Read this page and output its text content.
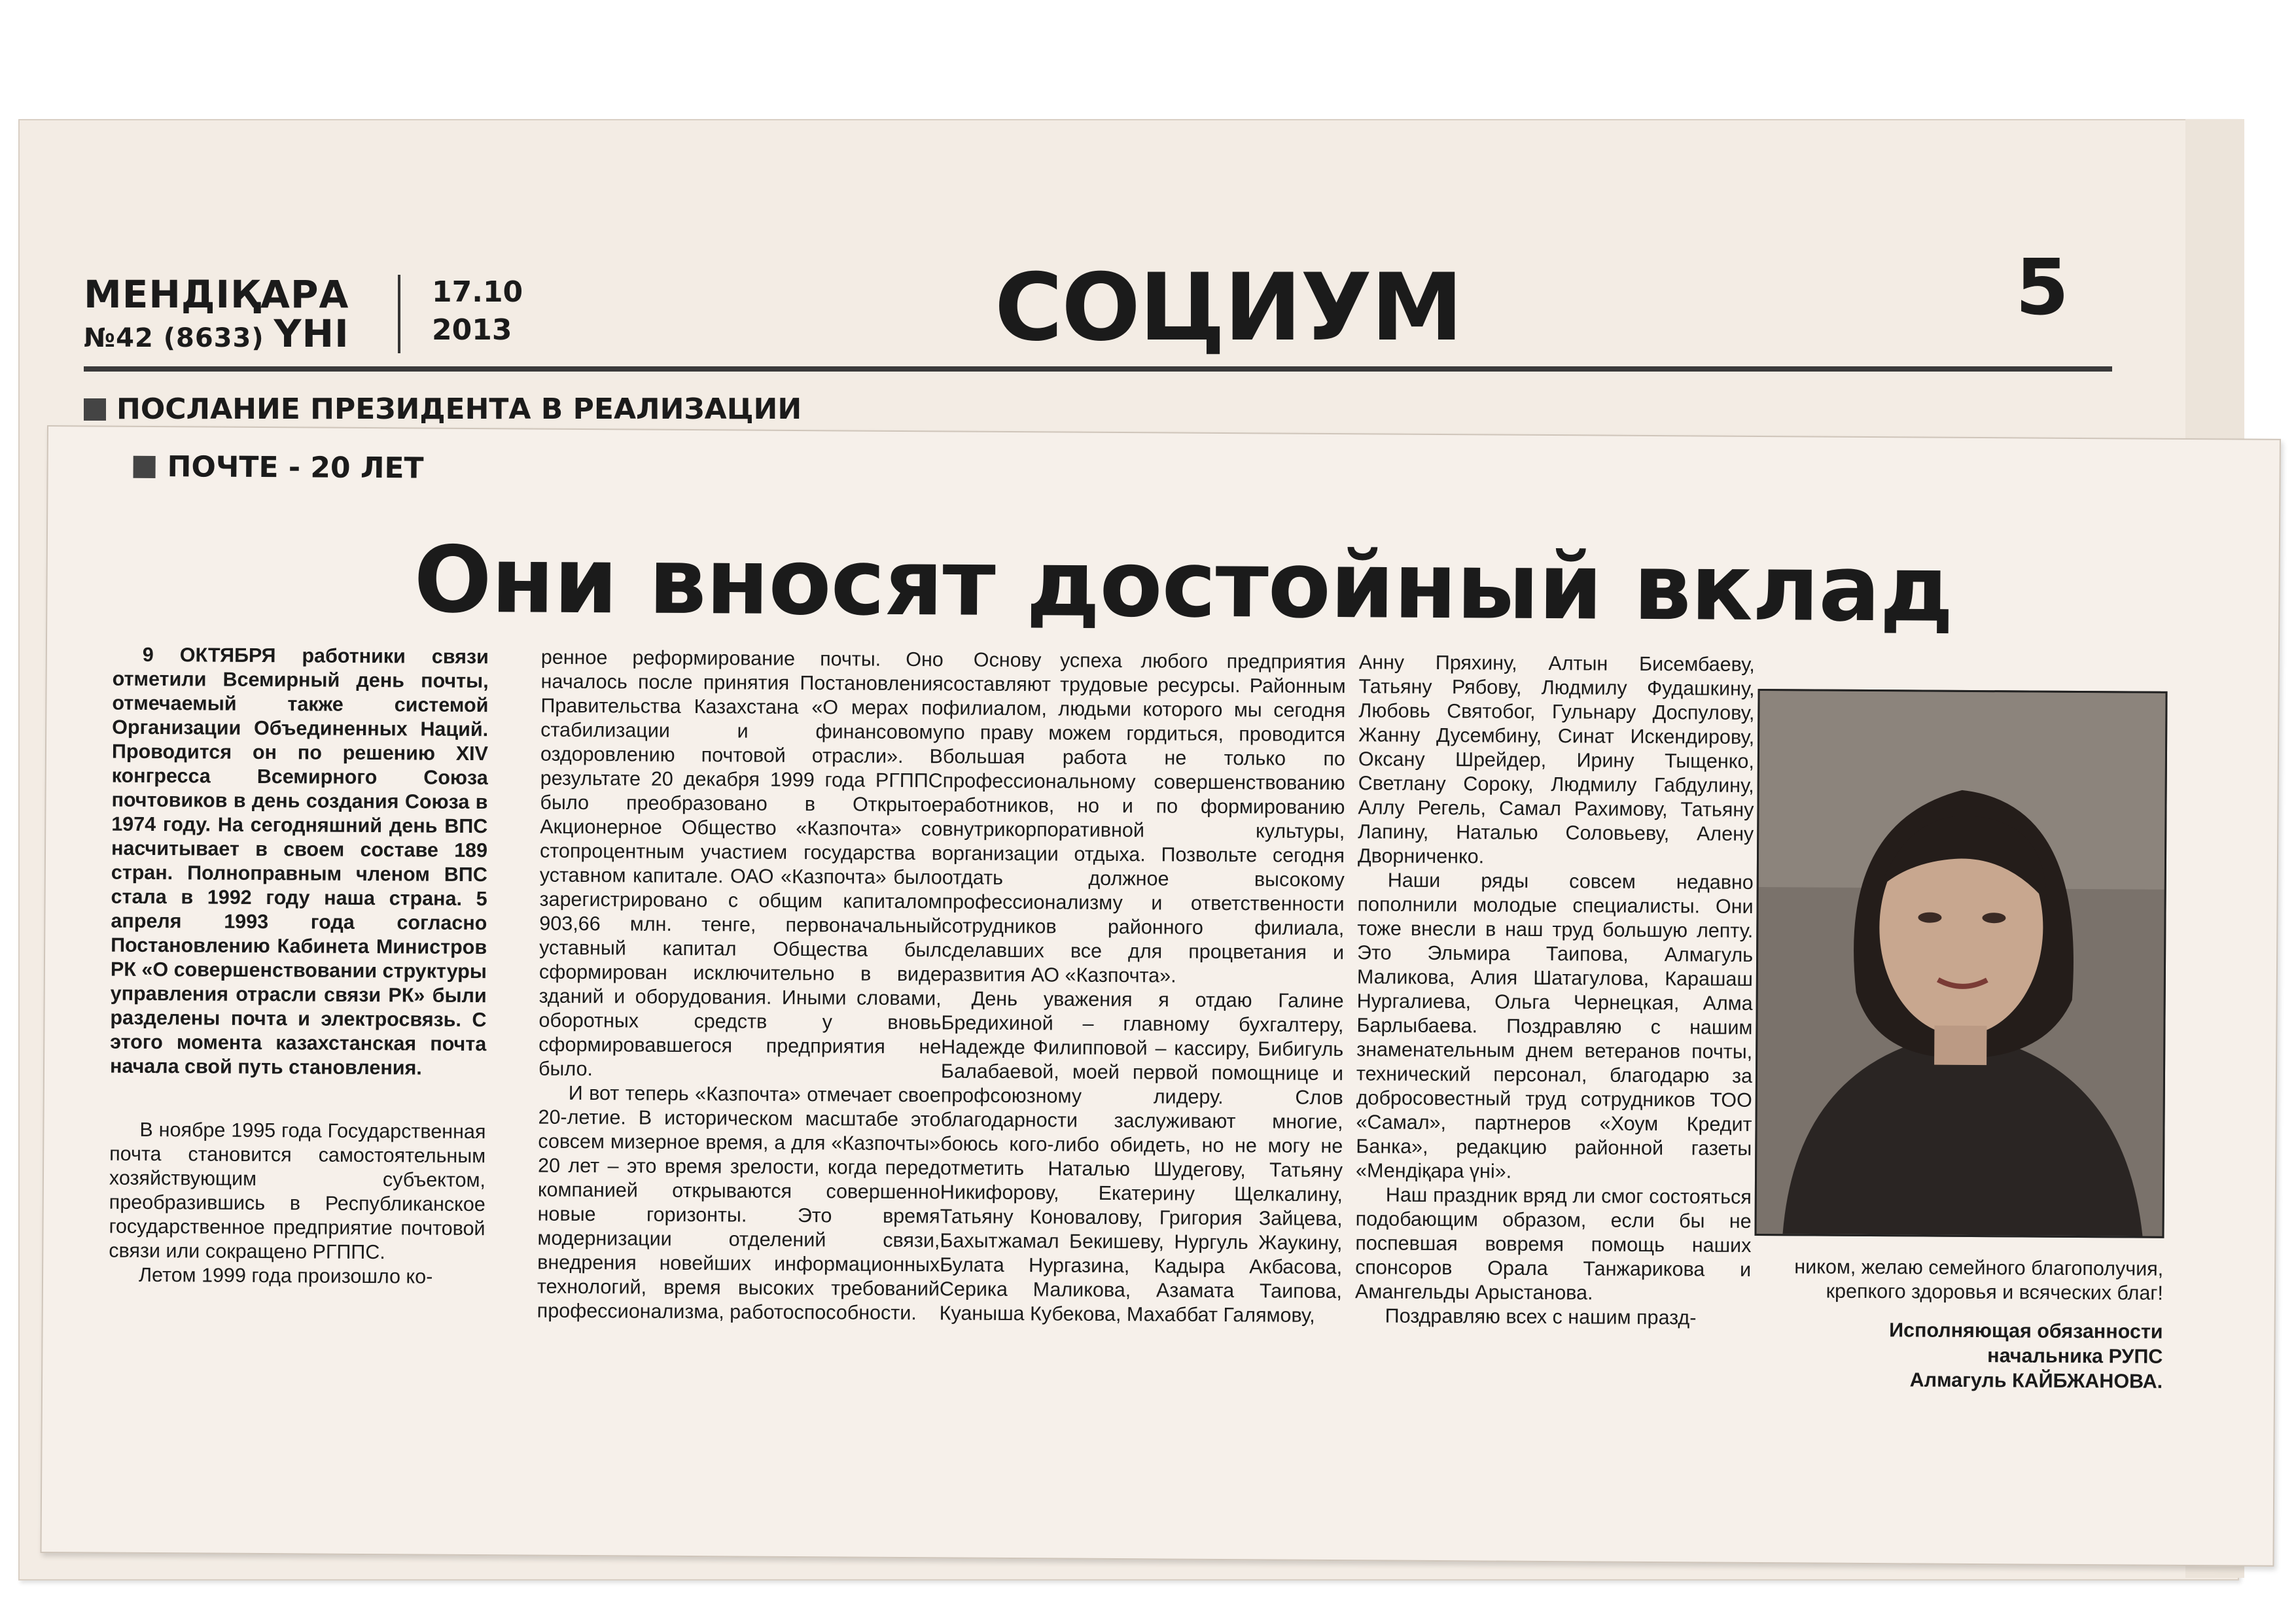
МЕНДІҚАРА
№42 (8633) ҮНІ
17.10
2013	СОЦИУМ	5
ПОСЛАНИЕ ПРЕЗИДЕНТА В РЕАЛИЗАЦИИ
ПОЧТЕ - 20 ЛЕТ
Они вносят достойный вклад

9 ОКТЯБРЯ работники связи отметили Всемирный день почты, отмечаемый также системой Организации Объединенных Наций. Проводится он по решению XIV конгресса Всемирного Союза почтовиков в день создания Союза в 1974 году. На сегодняшний день ВПС насчитывает в своем составе 189 стран. Полноправным членом ВПС стала в 1992 году наша страна. 5 апреля 1993 года согласно Постановлению Кабинета Министров РК «О совершенствовании структуры управления отрасли связи РК» были разделены почта и электросвязь. С этого момента казахстанская почта начала свой путь становления.

В ноябре 1995 года Государственная почта становится самостоятельным хозяйствующим субъектом, преобразившись в Республиканское государственное предприятие почтовой связи или сокращено РГППС.

Летом 1999 года произошло ко-

ренное реформирование почты. Оно началось после принятия Постановления Правительства Казахстана «О мерах по стабилизации и финансовому оздоровлению почтовой отрасли». В результате 20 декабря 1999 года РГППС было преобразовано в Открытое Акционерное Общество «Казпочта» со стопроцентным участием государства в уставном капитале. ОАО «Казпочта» было зарегистрировано с общим капиталом 903,66 млн. тенге, первоначальный уставный капитал Общества был сформирован исключительно в виде зданий и оборудования. Иными словами, оборотных средств у вновь сформировавшегося предприятия не было.

И вот теперь «Казпочта» отмечает свое 20-летие. В историческом масштабе это совсем мизерное время, а для «Казпочты» 20 лет – это время зрелости, когда перед компанией открываются совершенно новые горизонты. Это время модернизации отделений связи, внедрения новейших информационных технологий, время высоких требований профессионализма, работоспособности.

Основу успеха любого предприятия составляют трудовые ресурсы. Районным филиалом, людьми которого мы сегодня по праву можем гордиться, проводится большая работа не только по профессиональному совершенствованию работников, но и по формированию внутрикорпоративной культуры, организации отдыха. Позвольте сегодня отдать должное высокому профессионализму и ответственности сотрудников районного филиала, сделавших все для процветания и развития АО «Казпочта».

День уважения я отдаю Галине Бредихиной – главному бухгалтеру, Надежде Филипповой – кассиру, Бибигуль Балабаевой, моей первой помощнице и профсоюзному лидеру. Слов благодарности заслуживают многие, боюсь кого-либо обидеть, но не могу не отметить Наталью Шудегову, Татьяну Никифорову, Екатерину Щелкалину, Татьяну Коновалову, Григория Зайцева, Бахытжамал Бекишеву, Нургуль Жаукину, Булата Нургазина, Кадыра Акбасова, Серика Маликова, Азамата Таипова, Куаныша Кубекова, Махаббат Галямову,

Анну Пряхину, Алтын Бисембаеву, Татьяну Рябову, Людмилу Фудашкину, Любовь Святобог, Гульнару Доспулову, Жанну Дусембину, Синат Искендирову, Оксану Шрейдер, Ирину Тыщенко, Светлану Сороку, Людмилу Габдулину, Аллу Регель, Самал Рахимову, Татьяну Лапину, Наталью Соловьеву, Алену Дворниченко.

Наши ряды совсем недавно пополнили молодые специалисты. Они тоже внесли в наш труд большую лепту. Это Эльмира Таипова, Алмагуль Маликова, Алия Шатагулова, Карашаш Нургалиева, Ольга Чернецкая, Алма Барлыбаева. Поздравляю с нашим знаменательным днем ветеранов почты, технический персонал, благодарю за добросовестный труд сотрудников ТОО «Самал», партнеров «Хоум Кредит Банка», редакцию районной газеты «Мендіқара үні».

Наш праздник вряд ли смог состояться подобающим образом, если бы не поспевшая вовремя помощь наших спонсоров Орала Танжарикова и Амангельды Арыстанова.

Поздравляю всех с нашим празд-

ником, желаю семейного благополучия, крепкого здоровья и всяческих благ!
Исполняющая обязанности
начальника РУПС
Алмагуль КАЙБЖАНОВА.
